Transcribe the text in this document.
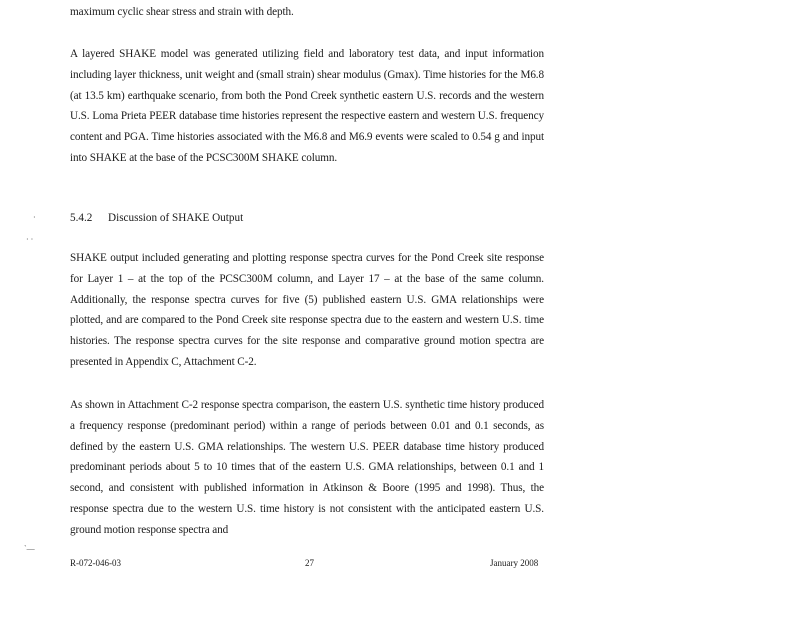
maximum cyclic shear stress and strain with depth.

A layered SHAKE model was generated utilizing field and laboratory test data, and input information including layer thickness, unit weight and (small strain) shear modulus (Gmax). Time histories for the M6.8 (at 13.5 km) earthquake scenario, from both the Pond Creek synthetic eastern U.S. records and the western U.S. Loma Prieta PEER database time histories represent the respective eastern and western U.S. frequency content and PGA. Time histories associated with the M6.8 and M6.9 events were scaled to 0.54 g and input into SHAKE at the base of the PCSC300M SHAKE column.

5.4.2 Discussion of SHAKE Output

SHAKE output included generating and plotting response spectra curves for the Pond Creek site response for Layer 1 – at the top of the PCSC300M column, and Layer 17 – at the base of the same column. Additionally, the response spectra curves for five (5) published eastern U.S. GMA relationships were plotted, and are compared to the Pond Creek site response spectra due to the eastern and western U.S. time histories. The response spectra curves for the site response and comparative ground motion spectra are presented in Appendix C, Attachment C-2.

As shown in Attachment C-2 response spectra comparison, the eastern U.S. synthetic time history produced a frequency response (predominant period) within a range of periods between 0.01 and 0.1 seconds, as defined by the eastern U.S. GMA relationships. The western U.S. PEER database time history produced predominant periods about 5 to 10 times that of the eastern U.S. GMA relationships, between 0.1 and 1 second, and consistent with published information in Atkinson & Boore (1995 and 1998). Thus, the response spectra due to the western U.S. time history is not consistent with the anticipated eastern U.S. ground motion response spectra and

·
· ·
`—
R-072-046-03	27	January 2008
